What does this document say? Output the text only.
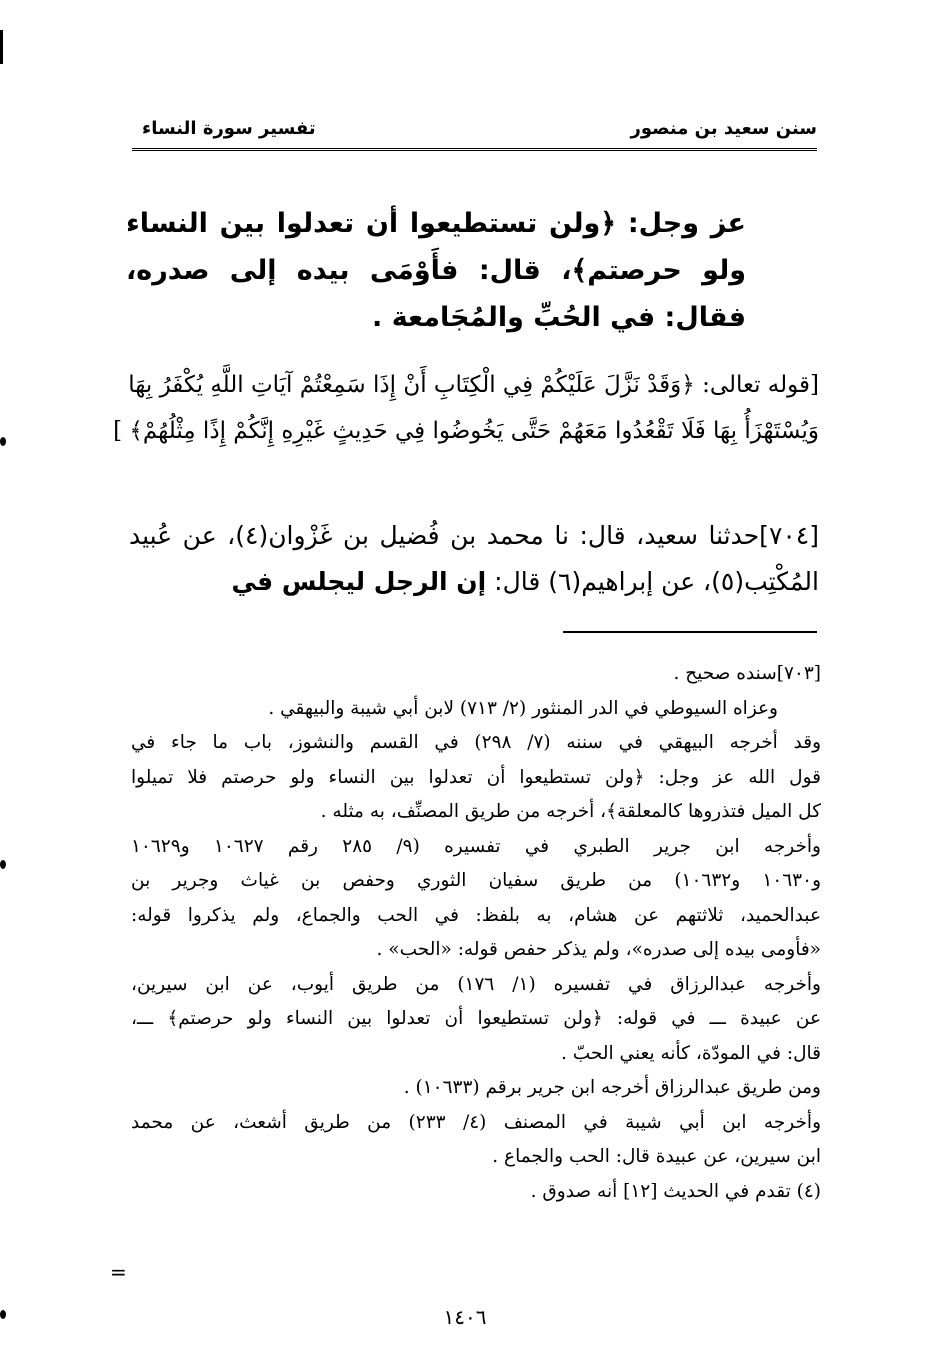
سنن سعيد بن منصور
تفسير سورة النساء
عز وجل: ﴿ولن تستطيعوا أن تعدلوا بين النساء ولو حرصتم﴾، قال: فأَوْمَى بيده إلى صدره، فقال: في الحُبِّ والمُجَامعة .
[قوله تعالى: ﴿وَقَدْ نَزَّلَ عَلَيْكُمْ فِي الْكِتَابِ أَنْ إِذَا سَمِعْتُمْ آيَاتِ اللَّهِ يُكْفَرُ بِهَا وَيُسْتَهْزَأُ بِهَا فَلَا تَقْعُدُوا مَعَهُمْ حَتَّى يَخُوضُوا فِي حَدِيثٍ غَيْرِهِ إِنَّكُمْ إِذًا مِثْلُهُمْ﴾ ]
[٧٠٤]حدثنا سعيد، قال: نا محمد بن فُضيل بن غَزْوان(٤)، عن عُبيد المُكْتِب(٥)، عن إبراهيم(٦) قال: إن الرجل ليجلس في
[٧٠٣]سنده صحيح .
وعزاه السيوطي في الدر المنثور (٢/ ٧١٣) لابن أبي شيبة والبيهقي .
وقد أخرجه البيهقي في سننه (٧/ ٢٩٨) في القسم والنشوز، باب ما جاء في
قول الله عز وجل: ﴿ولن تستطيعوا أن تعدلوا بين النساء ولو حرصتم فلا تميلوا
كل الميل فتذروها كالمعلقة﴾، أخرجه من طريق المصنِّف، به مثله .
وأخرجه ابن جرير الطبري في تفسيره (٩/ ٢٨٥ رقم ١٠٦٢٧ و١٠٦٢٩
و١٠٦٣٠ و١٠٦٣٢) من طريق سفيان الثوري وحفص بن غياث وجرير بن
عبدالحميد، ثلاثتهم عن هشام، به بلفظ: في الحب والجماع، ولم يذكروا قوله:
«فأومى بيده إلى صدره»، ولم يذكر حفص قوله: «الحب» .
وأخرجه عبدالرزاق في تفسيره (١/ ١٧٦) من طريق أيوب، عن ابن سيرين،
عن عبيدة ـــ في قوله: ﴿ولن تستطيعوا أن تعدلوا بين النساء ولو حرصتم﴾ ـــ،
قال: في المودّة، كأنه يعني الحبّ .
ومن طريق عبدالرزاق أخرجه ابن جرير برقم (١٠٦٣٣) .
وأخرجه ابن أبي شيبة في المصنف (٤/ ٢٣٣) من طريق أشعث، عن محمد
ابن سيرين، عن عبيدة قال: الحب والجماع .
(٤) تقدم في الحديث [١٢] أنه صدوق .
=
١٤٠٦
